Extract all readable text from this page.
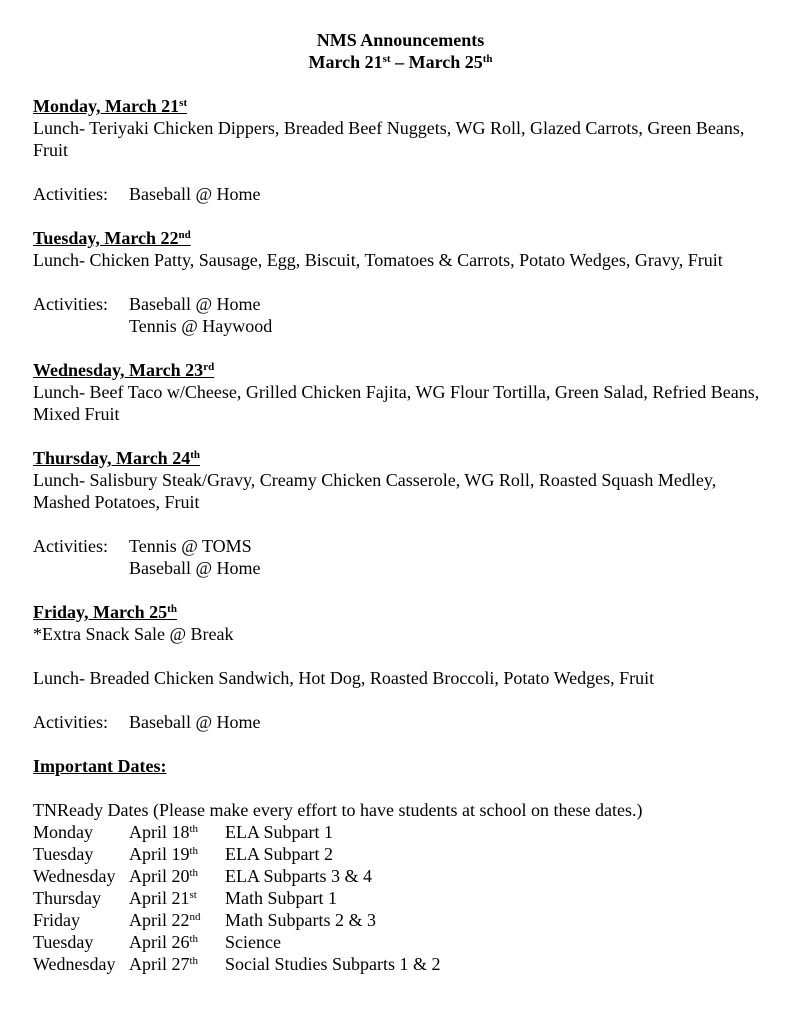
NMS Announcements
March 21st – March 25th
Monday, March 21st
Lunch- Teriyaki Chicken Dippers, Breaded Beef Nuggets, WG Roll, Glazed Carrots, Green Beans, Fruit
Activities:	Baseball @ Home
Tuesday, March 22nd
Lunch- Chicken Patty, Sausage, Egg, Biscuit, Tomatoes & Carrots, Potato Wedges, Gravy, Fruit
Activities:	Baseball @ Home
Tennis @ Haywood
Wednesday, March 23rd
Lunch- Beef Taco w/Cheese, Grilled Chicken Fajita, WG Flour Tortilla, Green Salad, Refried Beans, Mixed Fruit
Thursday, March 24th
Lunch- Salisbury Steak/Gravy, Creamy Chicken Casserole, WG Roll, Roasted Squash Medley, Mashed Potatoes, Fruit
Activities:	Tennis @ TOMS
Baseball @ Home
Friday, March 25th
*Extra Snack Sale @ Break
Lunch- Breaded Chicken Sandwich, Hot Dog, Roasted Broccoli, Potato Wedges, Fruit
Activities:	Baseball @ Home
Important Dates:
TNReady Dates (Please make every effort to have students at school on these dates.)
Monday	April 18th	ELA Subpart 1
Tuesday	April 19th	ELA Subpart 2
Wednesday April 20th	ELA Subparts 3 & 4
Thursday	April 21st	Math Subpart 1
Friday	April 22nd	Math Subparts 2 & 3
Tuesday	April 26th	Science
Wednesday April 27th	Social Studies Subparts 1 & 2
